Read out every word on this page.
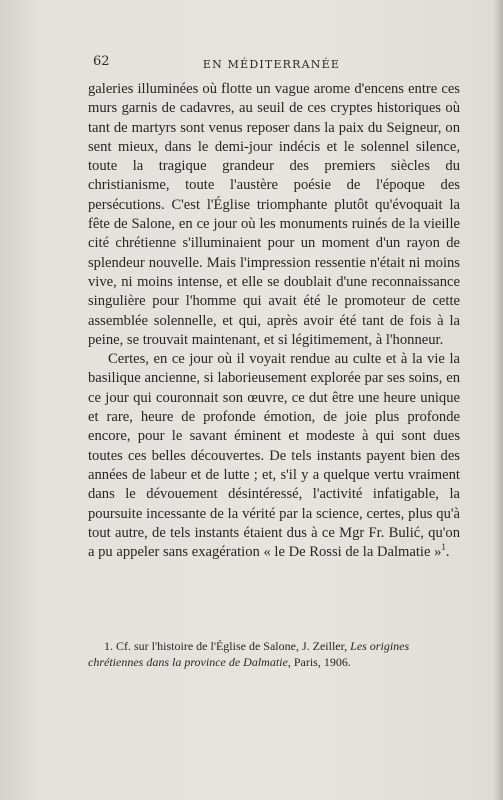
62	EN MÉDITERRANÉE

galeries illuminées où flotte un vague arome d'encens entre ces murs garnis de cadavres, au seuil de ces cryptes historiques où tant de martyrs sont venus reposer dans la paix du Seigneur, on sent mieux, dans le demi-jour indécis et le solennel silence, toute la tragique grandeur des premiers siècles du christianisme, toute l'austère poésie de l'époque des persécutions. C'est l'Église triomphante plutôt qu'évoquait la fête de Salone, en ce jour où les monuments ruinés de la vieille cité chrétienne s'illuminaient pour un moment d'un rayon de splendeur nouvelle. Mais l'impression ressentie n'était ni moins vive, ni moins intense, et elle se doublait d'une reconnaissance singulière pour l'homme qui avait été le promoteur de cette assemblée solennelle, et qui, après avoir été tant de fois à la peine, se trouvait maintenant, et si légitimement, à l'honneur.

Certes, en ce jour où il voyait rendue au culte et à la vie la basilique ancienne, si laborieusement explorée par ses soins, en ce jour qui couronnait son œuvre, ce dut être une heure unique et rare, heure de profonde émotion, de joie plus profonde encore, pour le savant éminent et modeste à qui sont dues toutes ces belles découvertes. De tels instants payent bien des années de labeur et de lutte ; et, s'il y a quelque vertu vraiment dans le dévouement désintéressé, l'activité infatigable, la poursuite incessante de la vérité par la science, certes, plus qu'à tout autre, de tels instants étaient dus à ce Mgr Fr. Bulić, qu'on a pu appeler sans exagération « le De Rossi de la Dalmatie »$^1$.

1. Cf. sur l'histoire de l'Église de Salone, J. Zeiller, Les origines chrétiennes dans la province de Dalmatie, Paris, 1906.
